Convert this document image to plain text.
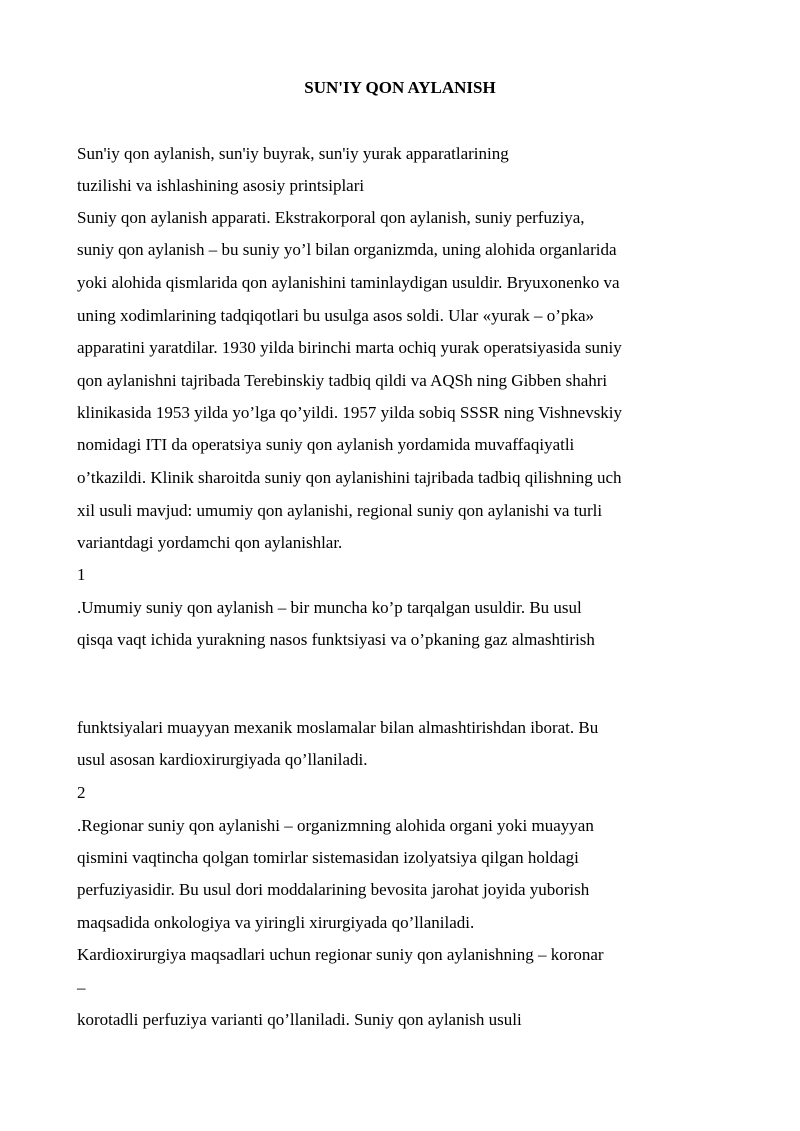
SUN'IY QON AYLANISH
Sun'iy qon aylanish, sun'iy buyrak, sun'iy yurak apparatlarining
tuzilishi va ishlashining asosiy printsiplari
Suniy qon aylanish apparati. Ekstrakorporal qon aylanish, suniy perfuziya,
suniy qon aylanish – bu suniy yo’l bilan organizmda, uning alohida organlarida
yoki alohida qismlarida qon aylanishini taminlaydigan usuldir. Bryuxonenko va
uning xodimlarining tadqiqotlari bu usulga asos soldi. Ular «yurak – o’pka»
apparatini yaratdilar. 1930 yilda birinchi marta ochiq yurak operatsiyasida suniy
qon aylanishni tajribada Terebinskiy tadbiq qildi va AQSh ning Gibben shahri
klinikasida 1953 yilda yo’lga qo’yildi. 1957 yilda sobiq SSSR ning Vishnevskiy
nomidagi ITI da operatsiya suniy qon aylanish yordamida muvaffaqiyatli
o’tkazildi. Klinik sharoitda suniy qon aylanishini tajribada tadbiq qilishning uch
xil usuli mavjud: umumiy qon aylanishi, regional suniy qon aylanishi va turli
variantdagi yordamchi qon aylanishlar.
1
.Umumiy suniy qon aylanish – bir muncha ko’p tarqalgan usuldir. Bu usul
qisqa vaqt ichida yurakning nasos funktsiyasi va o’pkaning gaz almashtirish
funktsiyalari muayyan mexanik moslamalar bilan almashtirishdan iborat. Bu
usul asosan kardioxirurgiyada qo’llaniladi.
2
.Regionar suniy qon aylanishi – organizmning alohida organi yoki muayyan
qismini vaqtincha qolgan tomirlar sistemasidan izolyatsiya qilgan holdagi
perfuziyasidir. Bu usul dori moddalarining bevosita jarohat joyida yuborish
maqsadida onkologiya va yiringli xirurgiyada qo’llaniladi.
Kardioxirurgiya maqsadlari uchun regionar suniy qon aylanishning – koronar
–
korotadli perfuziya varianti qo’llaniladi. Suniy qon aylanish usuli
